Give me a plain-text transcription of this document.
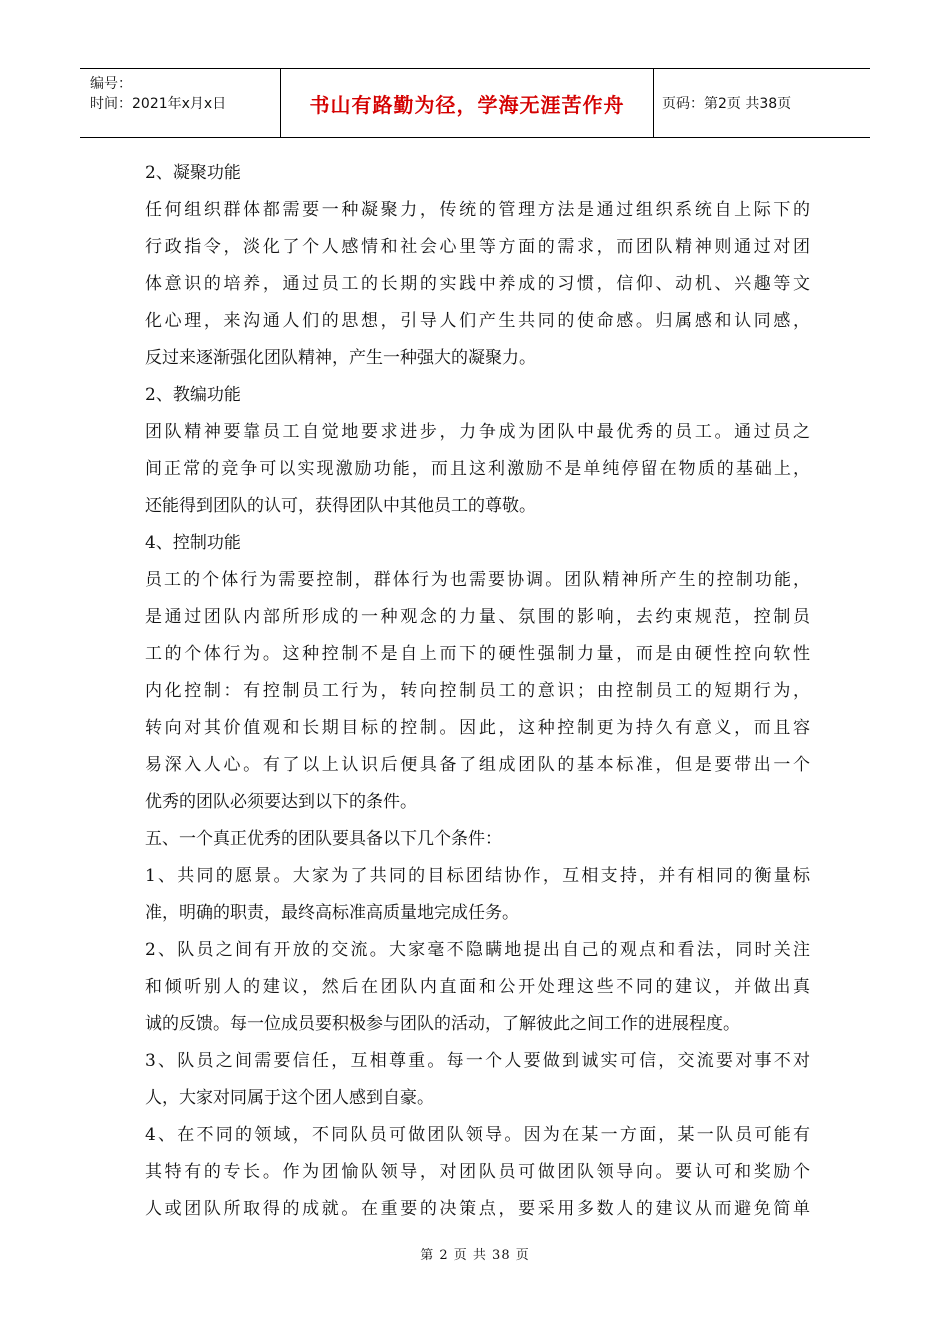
编号：
时间：2021年x月x日	书山有路勤为径，学海无涯苦作舟	页码：第2页 共38页
2、凝聚功能
任何组织群体都需要一种凝聚力，传统的管理方法是通过组织系统自上际下的
行政指令，淡化了个人感情和社会心里等方面的需求，而团队精神则通过对团
体意识的培养，通过员工的长期的实践中养成的习惯，信仰、动机、兴趣等文
化心理，来沟通人们的思想，引导人们产生共同的使命感。归属感和认同感，
反过来逐渐强化团队精神，产生一种强大的凝聚力。
2、教编功能
团队精神要靠员工自觉地要求进步，力争成为团队中最优秀的员工。通过员之
间正常的竞争可以实现激励功能，而且这利激励不是单纯停留在物质的基础上，
还能得到团队的认可，获得团队中其他员工的尊敬。
4、控制功能
员工的个体行为需要控制，群体行为也需要协调。团队精神所产生的控制功能，
是通过团队内部所形成的一种观念的力量、氛围的影响，去约束规范，控制员
工的个体行为。这种控制不是自上而下的硬性强制力量，而是由硬性控向软性
内化控制：有控制员工行为，转向控制员工的意识；由控制员工的短期行为，
转向对其价值观和长期目标的控制。因此，这种控制更为持久有意义，而且容
易深入人心。有了以上认识后便具备了组成团队的基本标准，但是要带出一个
优秀的团队必须要达到以下的条件。
五、一个真正优秀的团队要具备以下几个条件：
1、共同的愿景。大家为了共同的目标团结协作，互相支持，并有相同的衡量标
准，明确的职责，最终高标准高质量地完成任务。
2、队员之间有开放的交流。大家毫不隐瞒地提出自己的观点和看法，同时关注
和倾听别人的建议，然后在团队内直面和公开处理这些不同的建议，并做出真
诚的反馈。每一位成员要积极参与团队的活动，了解彼此之间工作的进展程度。
3、队员之间需要信任，互相尊重。每一个人要做到诚实可信，交流要对事不对
人，大家对同属于这个团人感到自豪。
4、在不同的领域，不同队员可做团队领导。因为在某一方面，某一队员可能有
其特有的专长。作为团愉队领导，对团队员可做团队领导向。要认可和奖励个
人或团队所取得的成就。在重要的决策点，要采用多数人的建议从而避免简单
第 2 页 共 38 页
